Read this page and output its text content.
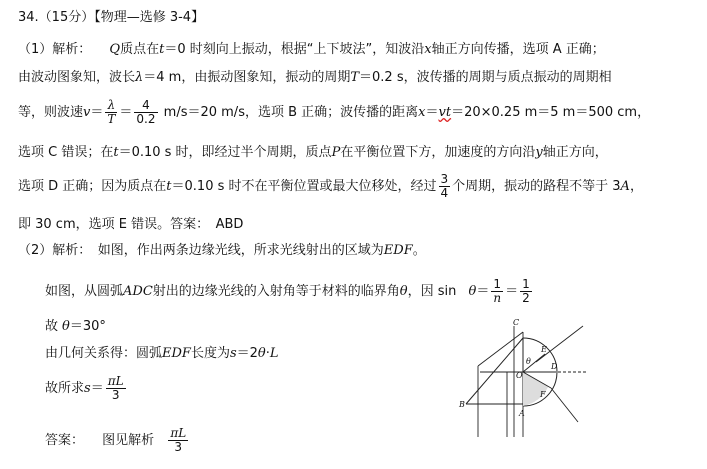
34.（15分）【物理—选修 3-4】
（1）解析： Q质点在t＝0 时刻向上振动，根据“上下坡法”，知波沿x轴正方向传播，选项 A 正确；
由波动图象知，波长λ＝4 m，由振动图象知，振动的周期T＝0.2 s，波传播的周期与质点振动的周期相
等，则波速$v= \frac{\lambda}{T} = \frac{4}{0.2} m/s=20$ m/s，选项 B 正确；波传播的距离x＝vt＝20×0.25 m＝5 m＝500 cm，
选项 C 错误；在t＝0.10 s 时，即经过半个周期，质点P在平衡位置下方，加速度的方向沿y轴正方向，
选项 D 正确；因为质点在t＝0.10 s 时不在平衡位置或最大位移处，经过 $\frac{3}{4}$ 个周期，振动的路程不等于 3A，
即 30 cm，选项 E 错误。答案：　ABD
（2）解析：　如图，作出两条边缘光线，所求光线射出的区域为EDF。
如图，从圆弧ADC射出的边缘光线的入射角等于材料的临界角θ，因 $\sin \theta= \frac{1}{n} = \frac{1}{2}$
故 θ＝30°
由几何关系得：圆弧EDF长度为s＝2θ·L
故所求$s= \frac{\pi L}{3}$
答案： 图见解析 $\frac{\pi L}{3}$
C
E
θ
O
D
F
A
B
